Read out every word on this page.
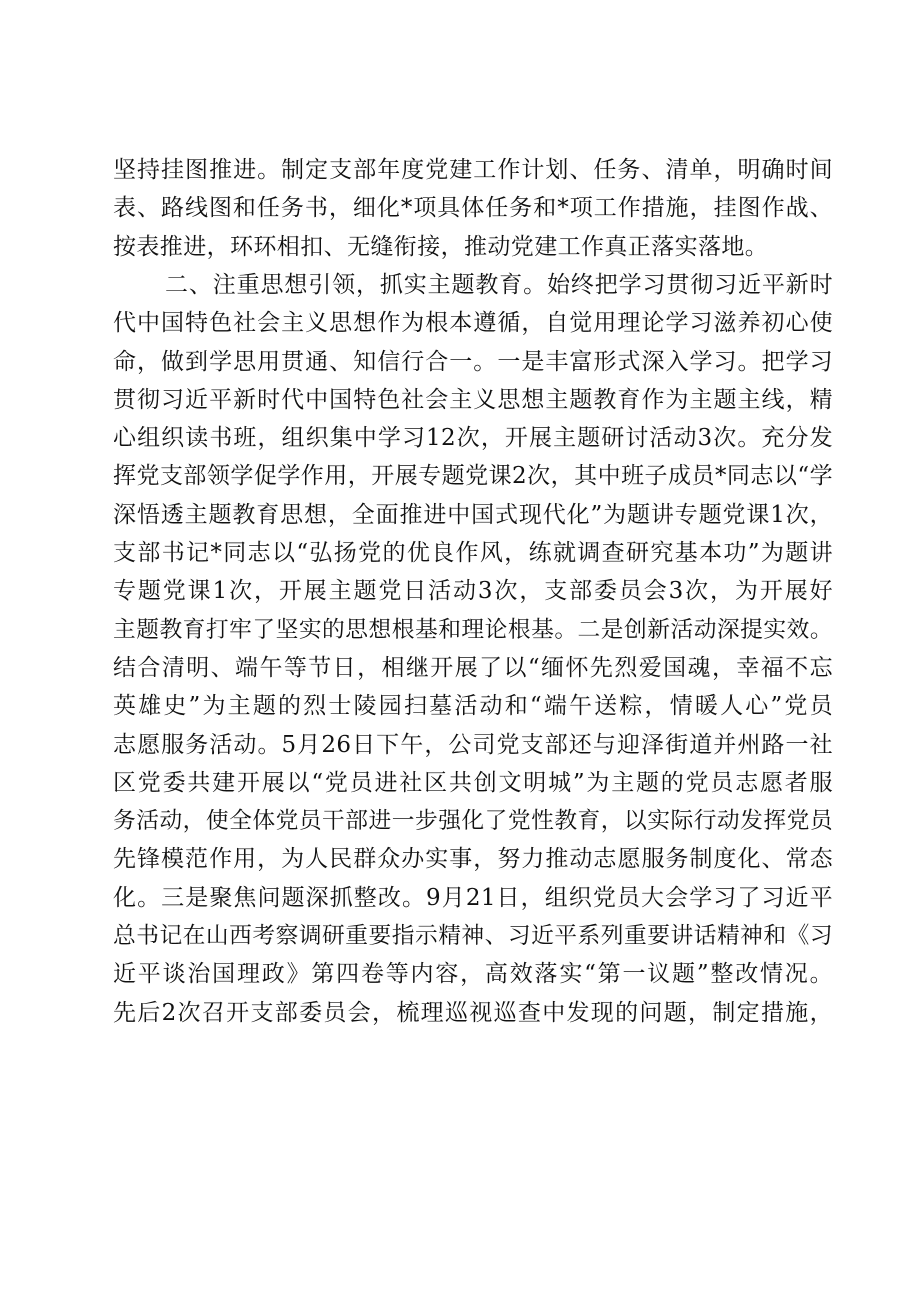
坚持挂图推进。制定支部年度党建工作计划、任务、清单，明确时间
表、路线图和任务书，细化*项具体任务和*项工作措施，挂图作战、
按表推进，环环相扣、无缝衔接，推动党建工作真正落实落地。
二、注重思想引领，抓实主题教育。始终把学习贯彻习近平新时
代中国特色社会主义思想作为根本遵循，自觉用理论学习滋养初心使
命，做到学思用贯通、知信行合一。一是丰富形式深入学习。把学习
贯彻习近平新时代中国特色社会主义思想主题教育作为主题主线，精
心组织读书班，组织集中学习12次，开展主题研讨活动3次。充分发
挥党支部领学促学作用，开展专题党课2次，其中班子成员*同志以“学
深悟透主题教育思想，全面推进中国式现代化”为题讲专题党课1次，
支部书记*同志以“弘扬党的优良作风，练就调查研究基本功”为题讲
专题党课1次，开展主题党日活动3次，支部委员会3次，为开展好
主题教育打牢了坚实的思想根基和理论根基。二是创新活动深提实效。
结合清明、端午等节日，相继开展了以“缅怀先烈爱国魂，幸福不忘
英雄史”为主题的烈士陵园扫墓活动和“端午送粽，情暖人心”党员
志愿服务活动。5月26日下午，公司党支部还与迎泽街道并州路一社
区党委共建开展以“党员进社区共创文明城”为主题的党员志愿者服
务活动，使全体党员干部进一步强化了党性教育，以实际行动发挥党员
先锋模范作用，为人民群众办实事，努力推动志愿服务制度化、常态
化。三是聚焦问题深抓整改。9月21日，组织党员大会学习了习近平
总书记在山西考察调研重要指示精神、习近平系列重要讲话精神和《习
近平谈治国理政》第四卷等内容，高效落实“第一议题”整改情况。
先后2次召开支部委员会，梳理巡视巡查中发现的问题，制定措施，
